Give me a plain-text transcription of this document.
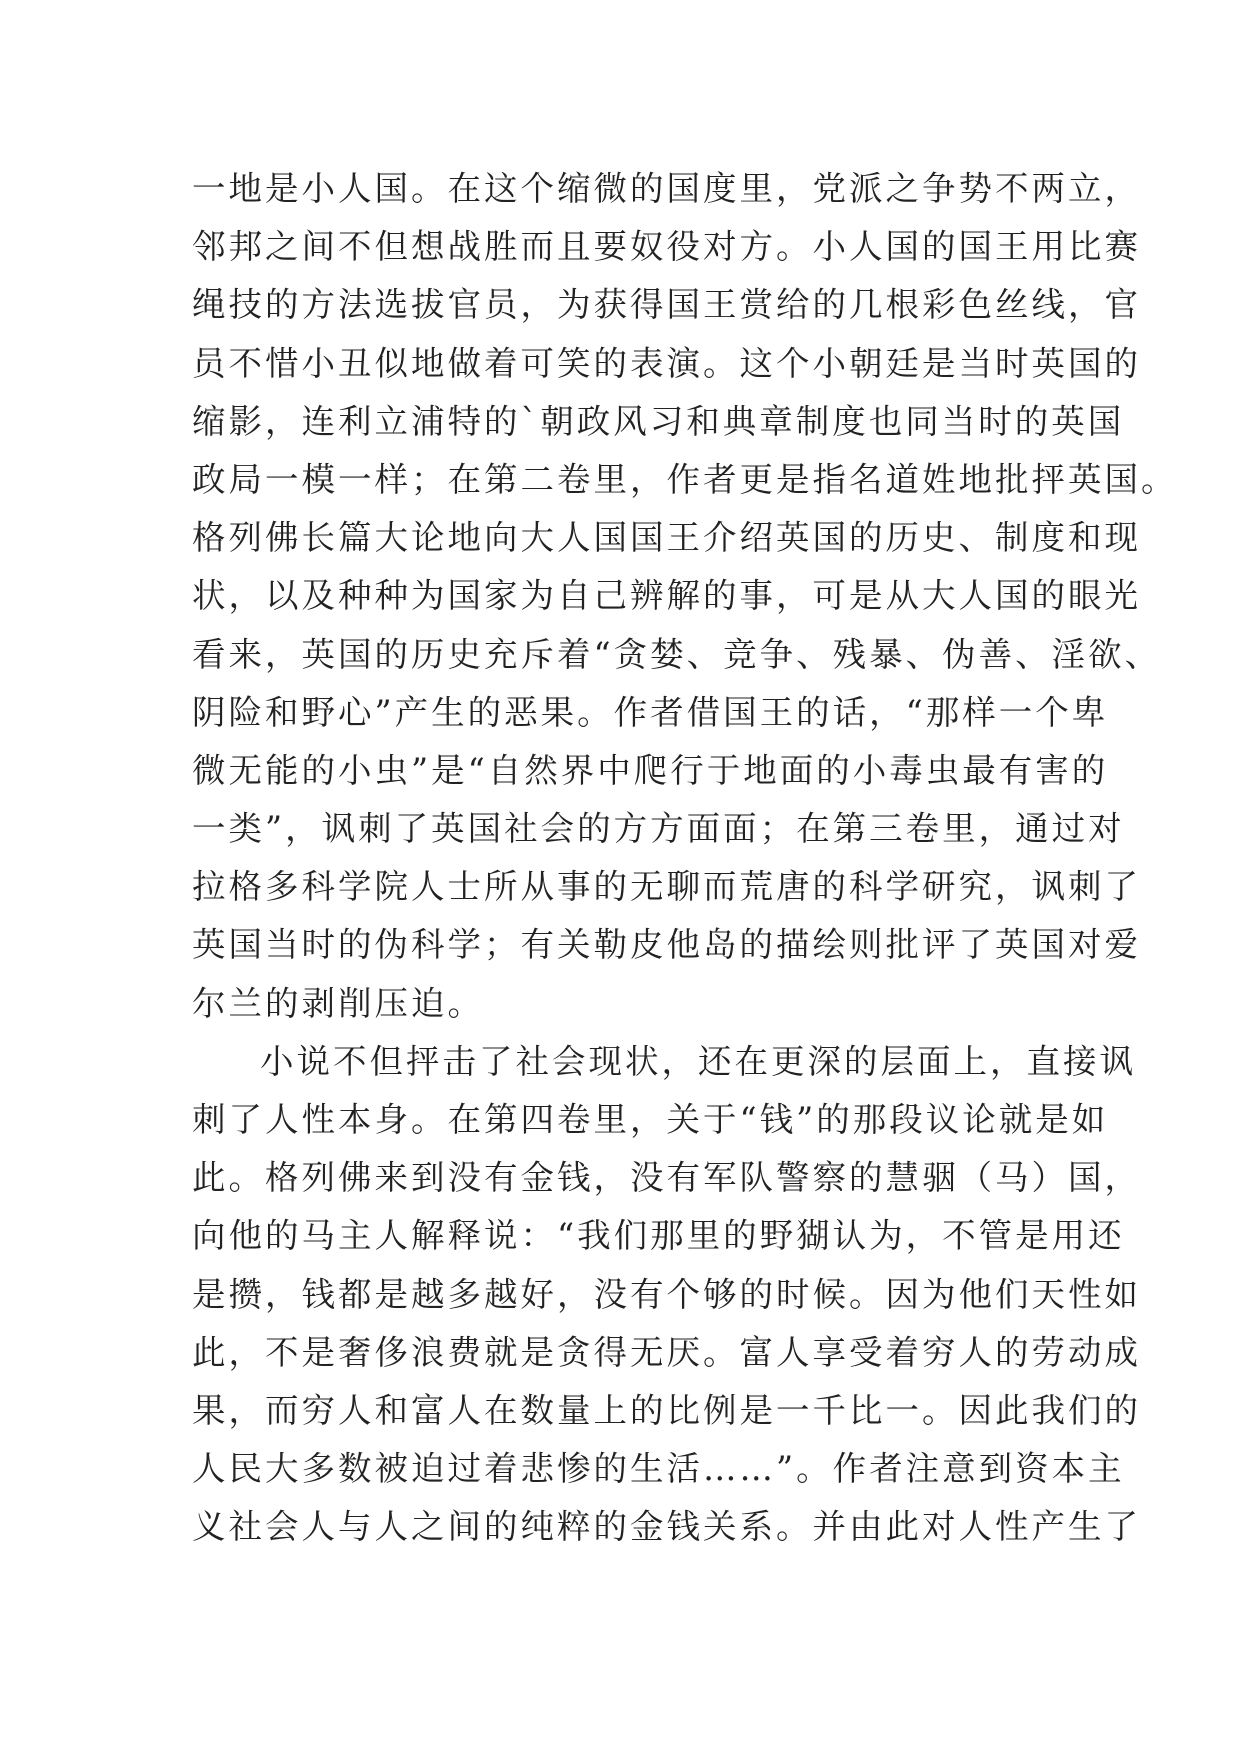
一地是小人国。在这个缩微的国度里，党派之争势不两立，
邻邦之间不但想战胜而且要奴役对方。小人国的国王用比赛
绳技的方法选拔官员，为获得国王赏给的几根彩色丝线，官
员不惜小丑似地做着可笑的表演。这个小朝廷是当时英国的
缩影，连利立浦特的`朝政风习和典章制度也同当时的英国
政局一模一样；在第二卷里，作者更是指名道姓地批抨英国。
格列佛长篇大论地向大人国国王介绍英国的历史、制度和现
状，以及种种为国家为自己辨解的事，可是从大人国的眼光
看来，英国的历史充斥着“贪婪、竞争、残暴、伪善、淫欲、
阴险和野心”产生的恶果。作者借国王的话，“那样一个卑
微无能的小虫”是“自然界中爬行于地面的小毒虫最有害的
一类”，讽刺了英国社会的方方面面；在第三卷里，通过对
拉格多科学院人士所从事的无聊而荒唐的科学研究，讽刺了
英国当时的伪科学；有关勒皮他岛的描绘则批评了英国对爱
尔兰的剥削压迫。
小说不但抨击了社会现状，还在更深的层面上，直接讽
刺了人性本身。在第四卷里，关于“钱”的那段议论就是如
此。格列佛来到没有金钱，没有军队警察的慧骃（马）国，
向他的马主人解释说：“我们那里的野猢认为，不管是用还
是攒，钱都是越多越好，没有个够的时候。因为他们天性如
此，不是奢侈浪费就是贪得无厌。富人享受着穷人的劳动成
果，而穷人和富人在数量上的比例是一千比一。因此我们的
人民大多数被迫过着悲惨的生活……”。作者注意到资本主
义社会人与人之间的纯粹的金钱关系。并由此对人性产生了
